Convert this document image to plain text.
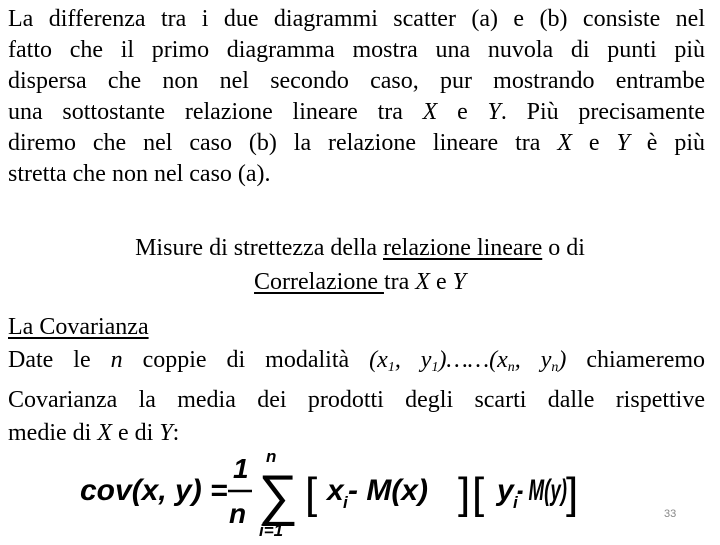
La differenza tra i due diagrammi scatter (a) e (b) consiste nel
fatto che il primo diagramma mostra una nuvola di punti più
dispersa che non nel secondo caso, pur mostrando entrambe
una sottostante relazione lineare tra X e Y. Più precisamente
diremo che nel caso (b) la relazione lineare tra X e Y è più
stretta che non nel caso (a).
Misure di strettezza della relazione lineare o di
Correlazione tra X e Y
La Covarianza
Date le n coppie di modalità ($x_1$, $y_1)\dots\dots(x_n$, $y_n$) chiameremo
Covarianza la media dei prodotti degli scarti dalle rispettive
medie di X e di Y:
cov(x, y) =
1
n
n
∑
i=1
[ x i - M(x) ] [ y i - M(y)
]	33
